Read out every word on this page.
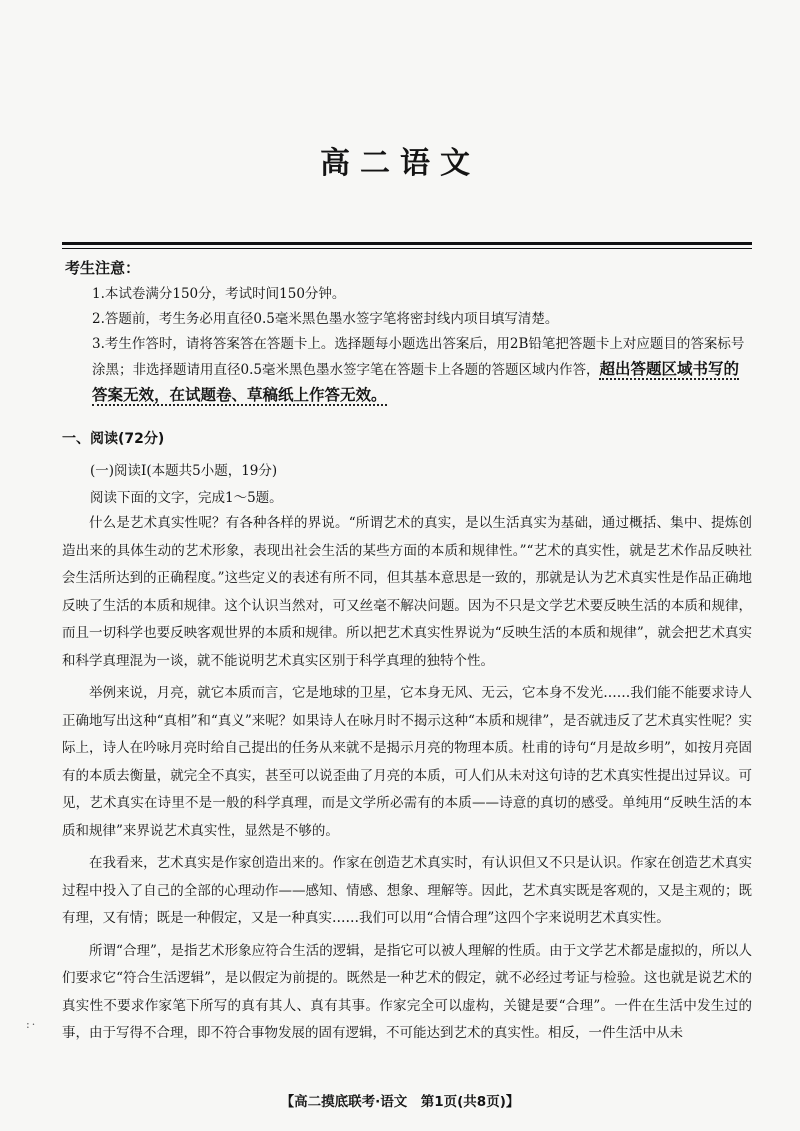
高二语文
考生注意：

1.本试卷满分150分，考试时间150分钟。

2.答题前，考生务必用直径0.5毫米黑色墨水签字笔将密封线内项目填写清楚。

3.考生作答时，请将答案答在答题卡上。选择题每小题选出答案后，用2B铅笔把答题卡上对应题目的答案标号涂黑；非选择题请用直径0.5毫米黑色墨水签字笔在答题卡上各题的答题区域内作答，超出答题区域书写的答案无效，在试题卷、草稿纸上作答无效。

一、阅读(72分)
(一)阅读Ⅰ(本题共5小题，19分)
阅读下面的文字，完成1～5题。

什么是艺术真实性呢？有各种各样的界说。“所谓艺术的真实，是以生活真实为基础，通过概括、集中、提炼创造出来的具体生动的艺术形象，表现出社会生活的某些方面的本质和规律性。”“艺术的真实性，就是艺术作品反映社会生活所达到的正确程度。”这些定义的表述有所不同，但其基本意思是一致的，那就是认为艺术真实性是作品正确地反映了生活的本质和规律。这个认识当然对，可又丝毫不解决问题。因为不只是文学艺术要反映生活的本质和规律，而且一切科学也要反映客观世界的本质和规律。所以把艺术真实性界说为“反映生活的本质和规律”，就会把艺术真实和科学真理混为一谈，就不能说明艺术真实区别于科学真理的独特个性。

举例来说，月亮，就它本质而言，它是地球的卫星，它本身无风、无云，它本身不发光……我们能不能要求诗人正确地写出这种“真相”和“真义”来呢？如果诗人在咏月时不揭示这种“本质和规律”，是否就违反了艺术真实性呢？实际上，诗人在吟咏月亮时给自己提出的任务从来就不是揭示月亮的物理本质。杜甫的诗句“月是故乡明”，如按月亮固有的本质去衡量，就完全不真实，甚至可以说歪曲了月亮的本质，可人们从未对这句诗的艺术真实性提出过异议。可见，艺术真实在诗里不是一般的科学真理，而是文学所必需有的本质——诗意的真切的感受。单纯用“反映生活的本质和规律”来界说艺术真实性，显然是不够的。

在我看来，艺术真实是作家创造出来的。作家在创造艺术真实时，有认识但又不只是认识。作家在创造艺术真实过程中投入了自己的全部的心理动作——感知、情感、想象、理解等。因此，艺术真实既是客观的，又是主观的；既有理，又有情；既是一种假定，又是一种真实……我们可以用“合情合理”这四个字来说明艺术真实性。

所谓“合理”，是指艺术形象应符合生活的逻辑，是指它可以被人理解的性质。由于文学艺术都是虚拟的，所以人们要求它“符合生活逻辑”，是以假定为前提的。既然是一种艺术的假定，就不必经过考证与检验。这也就是说艺术的真实性不要求作家笔下所写的真有其人、真有其事。作家完全可以虚构，关键是要“合理”。一件在生活中发生过的事，由于写得不合理，即不符合事物发展的固有逻辑，不可能达到艺术的真实性。相反，一件生活中从未

:·
【高二摸底联考·语文　第1页(共8页)】
